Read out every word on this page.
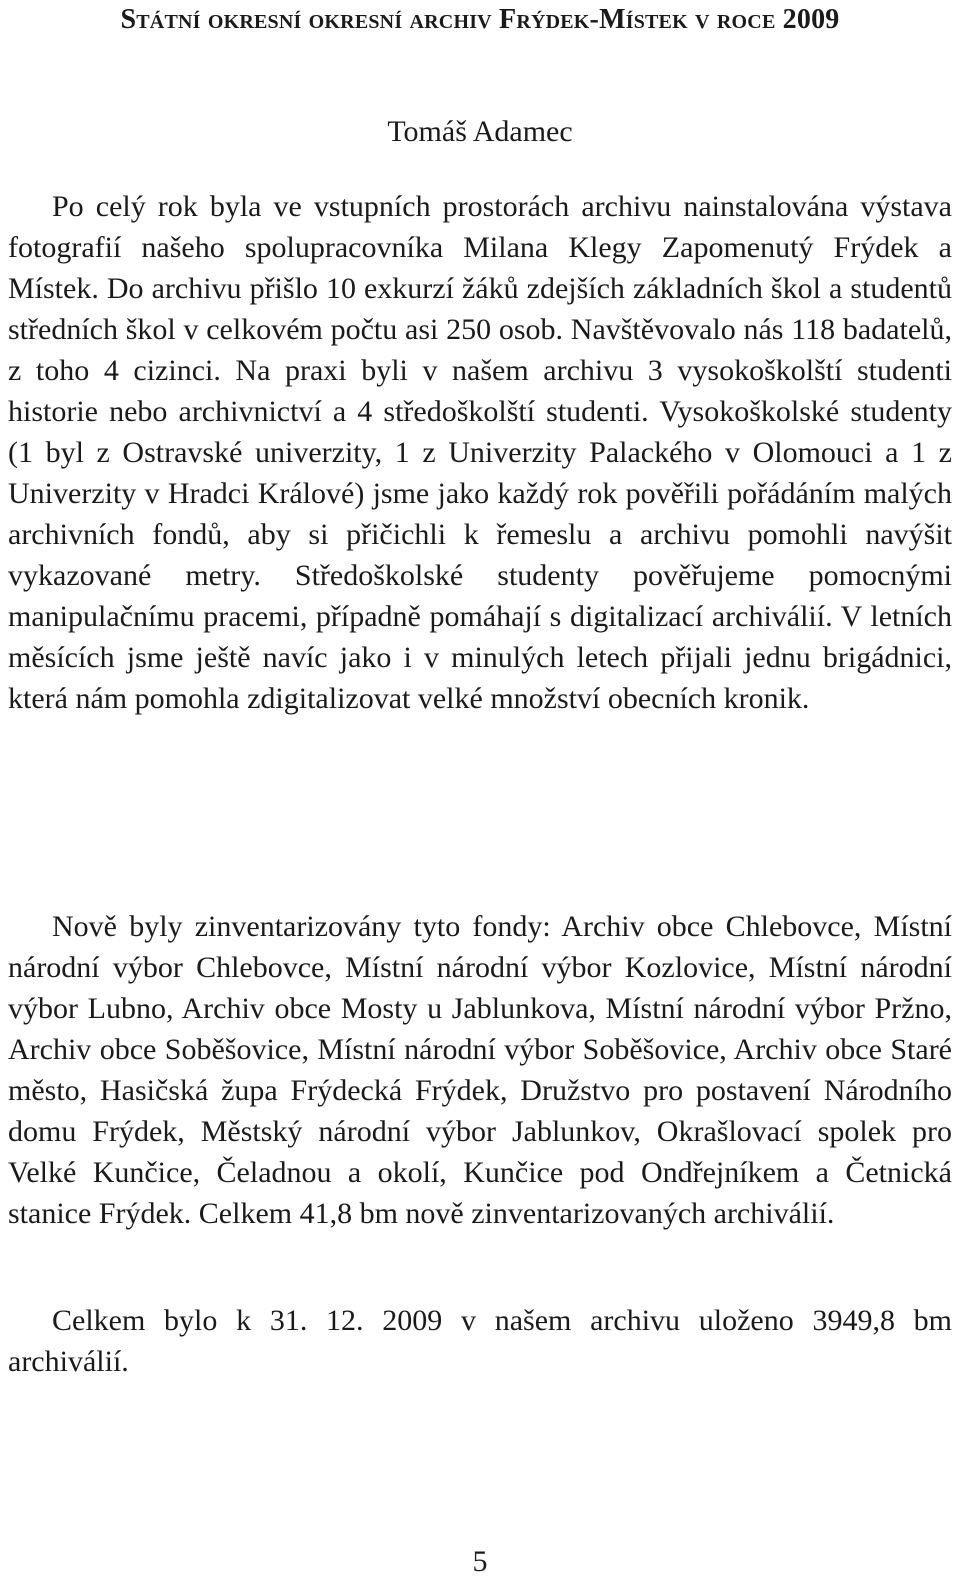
Státní okresní okresní archiv Frýdek-Místek v roce 2009
Tomáš Adamec

Po celý rok byla ve vstupních prostorách archivu nainstalována výstava fotografií našeho spolupracovníka Milana Klegy Zapomenutý Frýdek a Místek. Do archivu přišlo 10 exkurzí žáků zdejších základních škol a studentů středních škol v celkovém počtu asi 250 osob. Navštěvovalo nás 118 badatelů, z toho 4 cizinci. Na praxi byli v našem archivu 3 vysokoškolští studenti historie nebo archivnictví a 4 středoškolští studenti. Vysokoškolské studenty (1 byl z Ostravské univerzity, 1 z Univerzity Palackého v Olomouci a 1 z Univerzity v Hradci Králové) jsme jako každý rok pověřili pořádáním malých archivních fondů, aby si přičichli k řemeslu a archivu pomohli navýšit vykazované metry. Středoškolské studenty pověřujeme pomocnými manipulačnímu pracemi, případně pomáhají s digitalizací archiválií. V letních měsících jsme ještě navíc jako i v minulých letech přijali jednu brigádnici, která nám pomohla zdigitalizovat velké množství obecních kronik.

Nově byly zinventarizovány tyto fondy: Archiv obce Chlebovce, Místní národní výbor Chlebovce, Místní národní výbor Kozlovice, Místní národní výbor Lubno, Archiv obce Mosty u Jablunkova, Místní národní výbor Pržno, Archiv obce Soběšovice, Místní národní výbor Soběšovice, Archiv obce Staré město, Hasičská župa Frýdecká Frýdek, Družstvo pro postavení Národního domu Frýdek, Městský národní výbor Jablunkov, Okrašlovací spolek pro Velké Kunčice, Čeladnou a okolí, Kunčice pod Ondřejníkem a Četnická stanice Frýdek. Celkem 41,8 bm nově zinventarizovaných archiválií.

Celkem bylo k 31. 12. 2009 v našem archivu uloženo 3949,8 bm archiválií.

5
